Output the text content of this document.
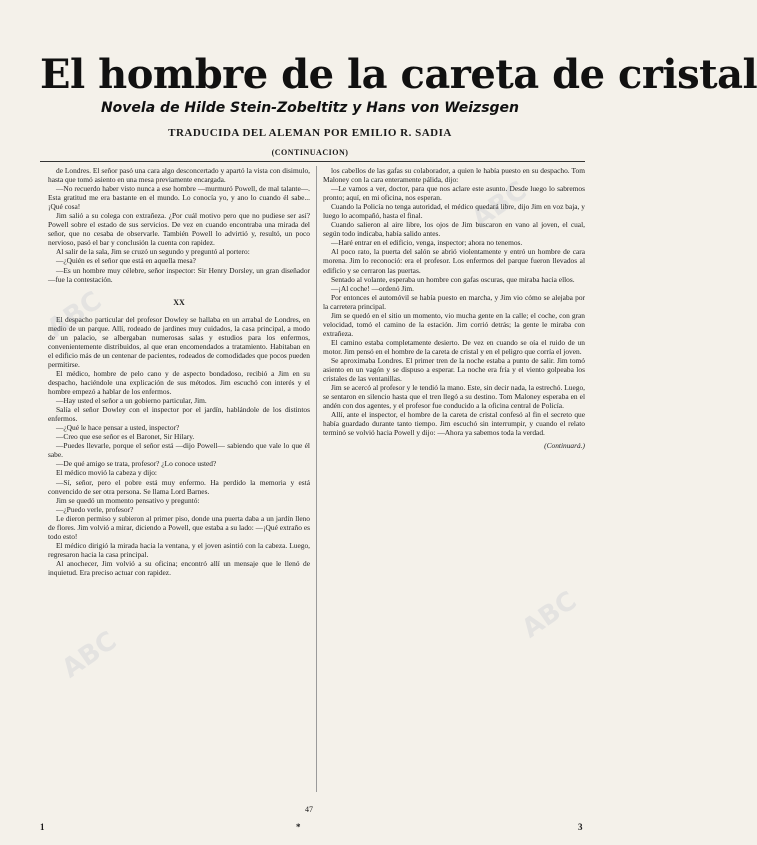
El hombre de la careta de cristal
Novela de Hilde Stein-Zobeltitz y Hans von Weizsgen
TRADUCIDA DEL ALEMAN POR EMILIO R. SADIA
(CONTINUACION)

de Londres. El señor pasó una cara algo desconcertado y apartó la vista con disimulo, hasta que tomó asiento en una mesa previamente encargada.

—No recuerdo haber visto nunca a ese hombre —murmuró Powell, de mal talante—. Esta gratitud me era bastante en el mundo. Lo conocía yo, y ano lo cuando él sabe... ¡Qué cosa!

Jim salió a su colega con extrañeza. ¿Por cuál motivo pero que no pudiese ser así? Powell sobre el estado de sus servicios. De vez en cuando encontraba una mirada del señor, que no cesaba de observarle. También Powell lo advirtió y, resultó, un poco nervioso, pasó el bar y conclusión la cuenta con rapidez.

Al salir de la sala, Jim se cruzó un segundo y preguntó al portero:

—¿Quién es el señor que está en aquella mesa?

—Es un hombre muy célebre, señor inspector: Sir Henry Dorsley, un gran diseñador —fue la contestación.

XX

El despacho particular del profesor Dowley se hallaba en un arrabal de Londres, en medio de un parque. Allí, rodeado de jardines muy cuidados, la casa principal, a modo de un palacio, se albergaban numerosas salas y estudios para los enfermos, convenientemente distribuidos, al que eran encomendados a tratamiento. Habitaban en el edificio más de un centenar de pacientes, rodeados de comodidades que pocos pueden permitirse.

El médico, hombre de pelo cano y de aspecto bondadoso, recibió a Jim en su despacho, haciéndole una explicación de sus métodos. Jim escuchó con interés y el hombre empezó a hablar de los enfermos.

—Hay usted el señor a un gobierno particular, Jim.

Salía el señor Dowley con el inspector por el jardín, hablándole de los distintos enfermos.

—¿Qué le hace pensar a usted, inspector?

—Creo que ese señor es el Baronet, Sir Hilary.

—Puedes llevarle, porque el señor está —dijo Powell— sabiendo que vale lo que él sabe.

—De qué amigo se trata, profesor? ¿Lo conoce usted?

El médico movió la cabeza y dijo:

—Sí, señor, pero el pobre está muy enfermo. Ha perdido la memoria y está convencido de ser otra persona. Se llama Lord Barnes.

Jim se quedó un momento pensativo y preguntó:

—¿Puedo verle, profesor?

Le dieron permiso y subieron al primer piso, donde una puerta daba a un jardín lleno de flores. Jim volvió a mirar, diciendo a Powell, que estaba a su lado: —¡Qué extraño es todo esto!

El médico dirigió la mirada hacia la ventana, y el joven asintió con la cabeza. Luego, regresaron hacia la casa principal.

Al anochecer, Jim volvió a su oficina; encontró allí un mensaje que le llenó de inquietud. Era preciso actuar con rapidez.

los cabellos de las gafas su colaborador, a quien le había puesto en su despacho. Tom Maloney con la cara enteramente pálida, dijo:

—Le vamos a ver, doctor, para que nos aclare este asunto. Desde luego lo sabremos pronto; aquí, en mi oficina, nos esperan.

Cuando la Policía no tenga autoridad, el médico quedará libre, dijo Jim en voz baja, y luego lo acompañó, hasta el final.

Cuando salieron al aire libre, los ojos de Jim buscaron en vano al joven, el cual, según todo indicaba, había salido antes.

—Haré entrar en el edificio, venga, inspector; ahora no tenemos.

Al poco rato, la puerta del salón se abrió violentamente y entró un hombre de cara morena. Jim lo reconoció: era el profesor. Los enfermos del parque fueron llevados al edificio y se cerraron las puertas.

Sentado al volante, esperaba un hombre con gafas oscuras, que miraba hacia ellos.

—¡Al coche! —ordenó Jim.

Por entonces el automóvil se había puesto en marcha, y Jim vio cómo se alejaba por la carretera principal.

Jim se quedó en el sitio un momento, vio mucha gente en la calle; el coche, con gran velocidad, tomó el camino de la estación. Jim corrió detrás; la gente le miraba con extrañeza.

El camino estaba completamente desierto. De vez en cuando se oía el ruido de un motor. Jim pensó en el hombre de la careta de cristal y en el peligro que corría el joven.

Se aproximaba Londres. El primer tren de la noche estaba a punto de salir. Jim tomó asiento en un vagón y se dispuso a esperar. La noche era fría y el viento golpeaba los cristales de las ventanillas.

Jim se acercó al profesor y le tendió la mano. Este, sin decir nada, la estrechó. Luego, se sentaron en silencio hasta que el tren llegó a su destino. Tom Maloney esperaba en el andén con dos agentes, y el profesor fue conducido a la oficina central de Policía.

Allí, ante el inspector, el hombre de la careta de cristal confesó al fin el secreto que había guardado durante tanto tiempo. Jim escuchó sin interrumpir, y cuando el relato terminó se volvió hacia Powell y dijo: —Ahora ya sabemos toda la verdad.

(Continuará.)

47
1	*	3
ABC
ABC
ABC
ABC
